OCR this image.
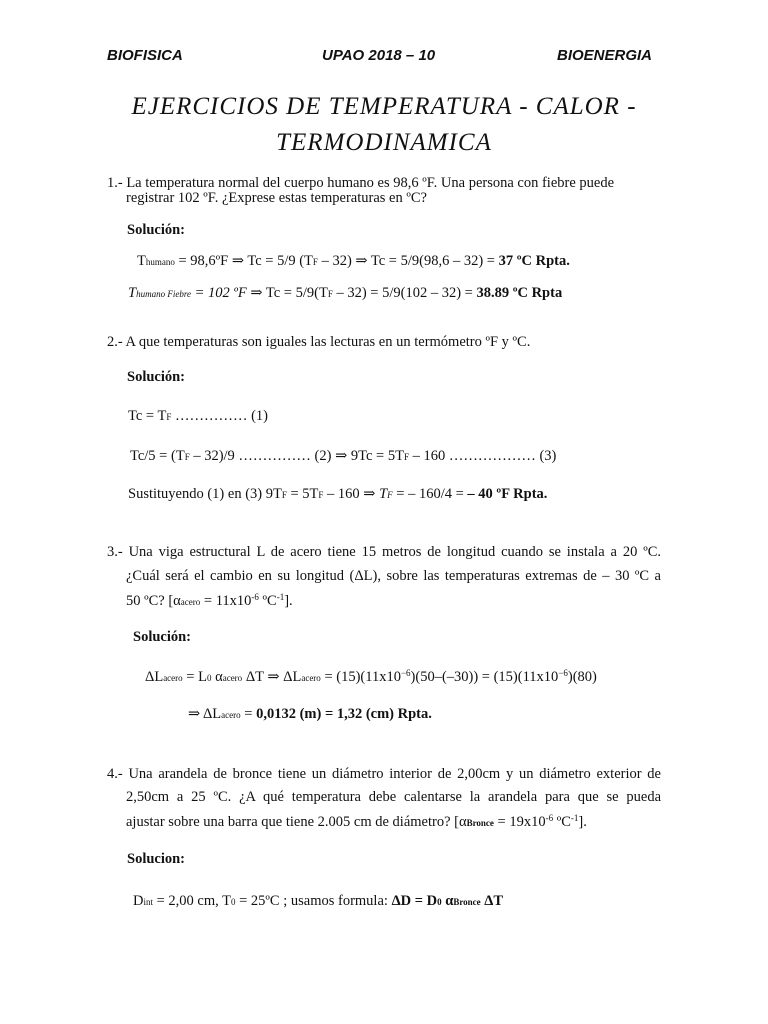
BIOFISICA	UPAO 2018 – 10	BIOENERGIA
EJERCICIOS DE TEMPERATURA - CALOR -
TERMODINAMICA
1.- La temperatura normal del cuerpo humano es 98,6 ºF. Una persona con fiebre puede
registrar 102 ºF. ¿Exprese estas temperaturas en ºC?
Solución:
Thumano = 98,6ºF ⇒ Tc = 5/9 (TF – 32) ⇒ Tc = 5/9(98,6 – 32) = 37 ºC Rpta.
Thumano Fiebre = 102 ºF ⇒ Tc = 5/9(TF – 32) = 5/9(102 – 32) = 38.89 ºC Rpta
2.- A que temperaturas son iguales las lecturas en un termómetro ºF y ºC.
Solución:
Tc = TF …………… (1)
Tc/5 = (TF – 32)/9 …………… (2) ⇒ 9Tc = 5TF – 160 ……………… (3)
Sustituyendo (1) en (3) 9TF = 5TF – 160 ⇒ TF = – 160/4 = – 40 ºF Rpta.
3.- Una viga estructural L de acero tiene 15 metros de longitud cuando se instala a 20 ºC.
¿Cuál será el cambio en su longitud (ΔL), sobre las temperaturas extremas de – 30 ºC a
50 ºC? [αacero = $11x10^{-6}$ ºC$^{-1}$].
Solución:
ΔLacero = L0 αacero ΔT ⇒ ΔLacero = $(15)(11x10^{-6})(50-(-30)) = (15)(11x10^{-6})(80)$
⇒ ΔLacero = 0,0132 (m) = 1,32 (cm) Rpta.
4.- Una arandela de bronce tiene un diámetro interior de 2,00cm y un diámetro exterior de
2,50cm a 25 ºC. ¿A qué temperatura debe calentarse la arandela para que se pueda
ajustar sobre una barra que tiene 2.005 cm de diámetro? [αBronce = $19x10^{-6}$ ºC$^{-1}$].
Solucion:
Dint = 2,00 cm, T0 = 25ºC ; usamos formula: ΔD = D0 αBronce ΔT
